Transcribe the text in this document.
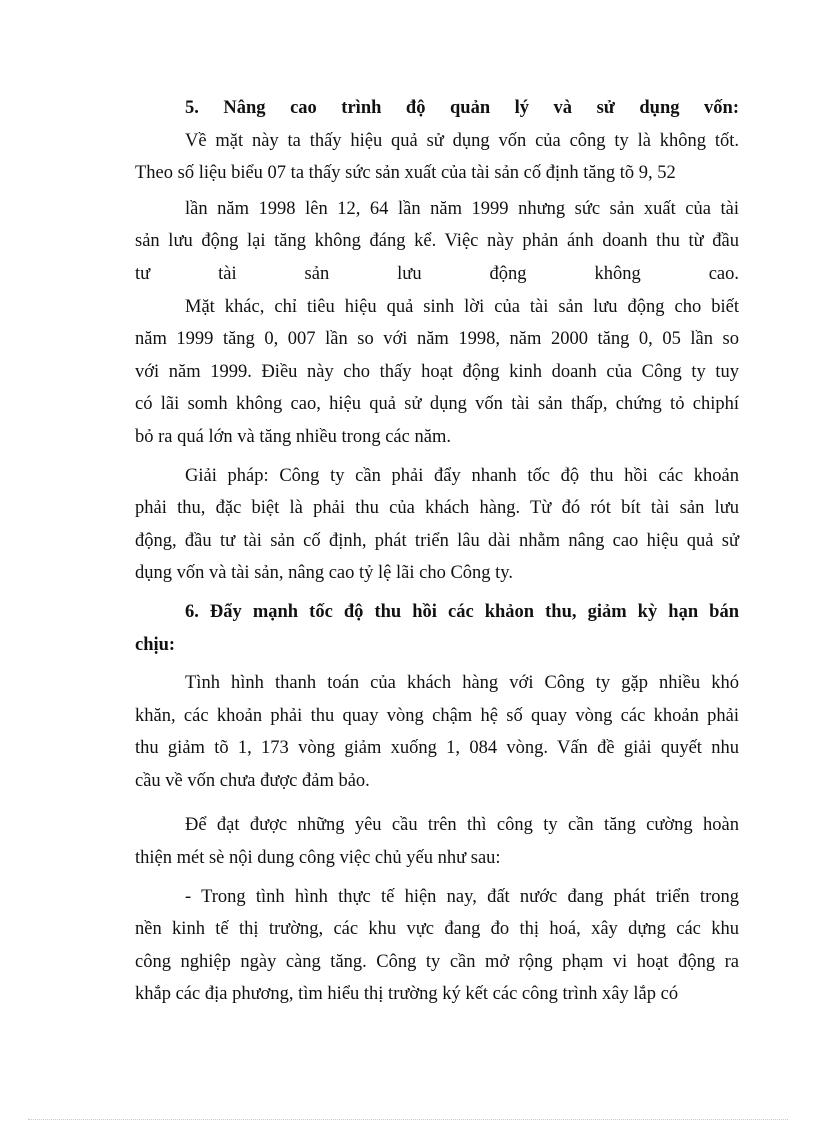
5. Nâng cao trình độ quản lý và sử dụng vốn:
Về mặt này ta thấy hiệu quả sử dụng vốn của công ty là không tốt.
Theo số liệu biểu 07 ta thấy sức sản xuất của tài sản cố định tăng tõ 9, 52
lần năm 1998 lên 12, 64 lần năm 1999 nhưng sức sản xuất của tài
sản lưu động lại tăng không đáng kể. Việc này phản ánh doanh thu từ đầu
tư tài sản lưu động không cao.
Mặt khác, chỉ tiêu hiệu quả sinh lời của tài sản lưu động cho biết
năm 1999 tăng 0, 007 lần so với năm 1998, năm 2000 tăng 0, 05 lần so
với năm 1999. Điều này cho thấy hoạt động kinh doanh của Công ty tuy
có lãi somh không cao, hiệu quả sử dụng vốn tài sản thấp, chứng tỏ chiphí
bỏ ra quá lớn và tăng nhiều trong các năm.
Giải pháp: Công ty cần phải đẩy nhanh tốc độ thu hồi các khoản
phải thu, đặc biệt là phải thu của khách hàng. Từ đó rót bít tài sản lưu
động, đầu tư tài sản cố định, phát triển lâu dài nhằm nâng cao hiệu quả sử
dụng vốn và tài sản, nâng cao tỷ lệ lãi cho Công ty.
6. Đẩy mạnh tốc độ thu hồi các khảon thu, giảm kỳ hạn bán
chịu:
Tình hình thanh toán của khách hàng với Công ty gặp nhiều khó
khăn, các khoản phải thu quay vòng chậm hệ số quay vòng các khoản phải
thu giảm tõ 1, 173 vòng giảm xuống 1, 084 vòng. Vấn đề giải quyết nhu
cầu về vốn chưa được đảm bảo.
Để đạt được những yêu cầu trên thì công ty cần tăng cường hoàn
thiện mét sè nội dung công việc chủ yếu như sau:
- Trong tình hình thực tế hiện nay, đất nước đang phát triển trong
nền kinh tế thị trường, các khu vực đang đo thị hoá, xây dựng các khu
công nghiệp ngày càng tăng. Công ty cần mở rộng phạm vi hoạt động ra
khắp các địa phương, tìm hiểu thị trường ký kết các công trình xây lắp có
